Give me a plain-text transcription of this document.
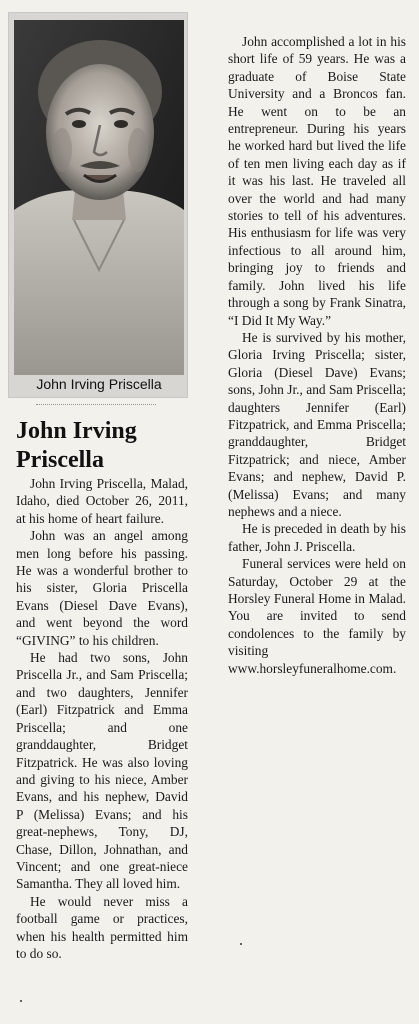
John Irving Priscella
John Irving Priscella

John Irving Priscella, Malad, Idaho, died October 26, 2011, at his home of heart failure.

John was an angel among men long before his passing. He was a wonderful brother to his sister, Gloria Priscella Evans (Diesel Dave Evans), and went beyond the word “GIVING” to his children.

He had two sons, John Priscella Jr., and Sam Priscella; and two daughters, Jennifer (Earl) Fitzpatrick and Emma Priscella; and one granddaughter, Bridget Fitzpatrick. He was also loving and giving to his niece, Amber Evans, and his nephew, David P (Melissa) Evans; and his great-nephews, Tony, DJ, Chase, Dillon, Johnathan, and Vincent; and one great-niece Samantha. They all loved him.

He would never miss a football game or practices, when his health permitted him to do so.

John accomplished a lot in his short life of 59 years. He was a graduate of Boise State University and a Broncos fan. He went on to be an entrepreneur. During his years he worked hard but lived the life of ten men living each day as if it was his last. He traveled all over the world and had many stories to tell of his adventures. His enthusiasm for life was very infectious to all around him, bringing joy to friends and family. John lived his life through a song by Frank Sinatra, “I Did It My Way.”

He is survived by his mother, Gloria Irving Priscella; sister, Gloria (Diesel Dave) Evans; sons, John Jr., and Sam Priscella; daughters Jennifer (Earl) Fitzpatrick, and Emma Priscella; granddaughter, Bridget Fitzpatrick; and niece, Amber Evans; and nephew, David P. (Melissa) Evans; and many nephews and a niece.

He is preceded in death by his father, John J. Priscella.

Funeral services were held on Saturday, October 29 at the Horsley Funeral Home in Malad. You are invited to send condolences to the family by visiting www.horsleyfuneralhome.com.
